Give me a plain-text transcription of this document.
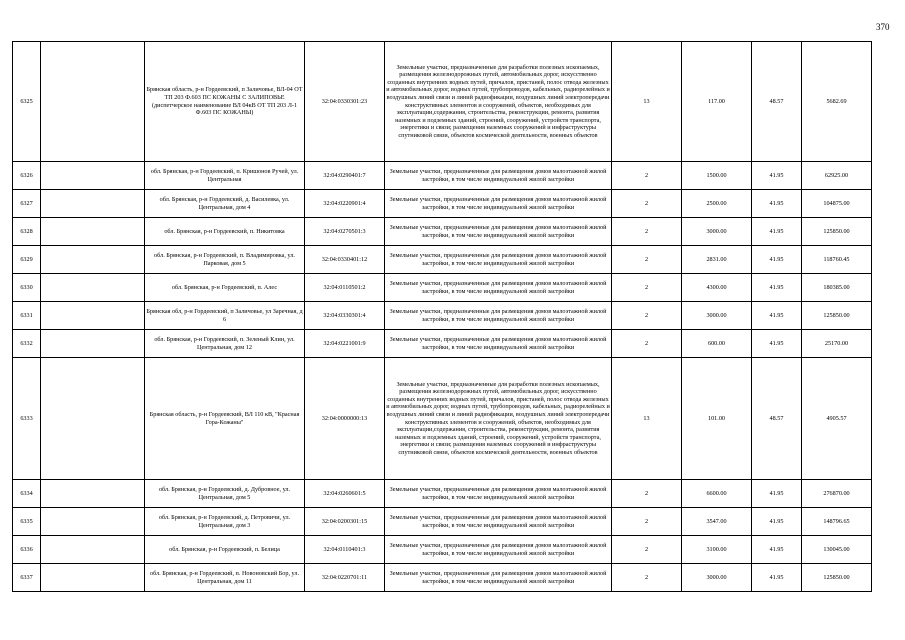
370
6325		Брянская область, р-н Гордеевский, п Заличовье, ВЛ-04 ОТ ТП 203 Ф.603 ПС КОЖАНЫ С ЗАЛИПОВЬЕ (диспетчерское наименование ВЛ 04кВ ОТ ТП 203 Л-1 Ф.603 ПС КОЖАНЫ)	32:04:0330301:23	Земельные участки, предназначенные для разработки полезных ископаемых, размещения железнодорожных путей, автомобильных дорог, искусственно созданных внутренних водных путей, причалов, пристаней, полос отвода железных и автомобильных дорог, водных путей, трубопроводов, кабельных, радиорелейных и воздушных линий связи и линий радиофикации, воздушных линий электропередачи конструктивных элементов и сооружений, объектов, необходимых для эксплуатации,содержания, строительства, реконструкции, ремонта, развития наземных и подземных зданий, строений, сооружений, устройств транспорта, энергетики и связи; размещения наземных сооружений и инфраструктуры спутниковой связи, объектов космической деятельности, военных объектов	13	117.00	48.57	5682.69
6326		обл. Брянская, р-н Гордеевский, п. Кришонов Ручей, ул. Центральная	32:04:0290401:7	Земельные участки, предназначенные для размещения домов малоэтажной жилой застройки, в том числе индивидуальной жилой застройки	2	1500.00	41.95	62925.00
6327		обл. Брянская, р-н Гордеевский, д. Василевка, ул. Центральная, дом 4	32:04:0220901:4	Земельные участки, предназначенные для размещения домов малоэтажной жилой застройки, в том числе индивидуальной жилой застройки	2	2500.00	41.95	104875.00
6328		обл. Брянская, р-н Гордеевский, п. Никитовка	32:04:0270501:3	Земельные участки, предназначенные для размещения домов малоэтажной жилой застройки, в том числе индивидуальной жилой застройки	2	3000.00	41.95	125850.00
6329		обл. Брянская, р-н Гордеевский, п. Владимировка, ул. Парковая, дом 5	32:04:0330401:12	Земельные участки, предназначенные для размещения домов малоэтажной жилой застройки, в том числе индивидуальной жилой застройки	2	2831.00	41.95	118760.45
6330		обл. Брянская, р-н Гордеевский, п. Алес	32:04:0110501:2	Земельные участки, предназначенные для размещения домов малоэтажной жилой застройки, в том числе индивидуальной жилой застройки	2	4300.00	41.95	180385.00
6331		Брянская обл, р-н Гордеевский, п Заличовье, ул Заречная, д 6	32:04:0330301:4	Земельные участки, предназначенные для размещения домов малоэтажной жилой застройки, в том числе индивидуальной жилой застройки	2	3000.00	41.95	125850.00
6332		обл. Брянская, р-н Гордеевский, п. Зеленый Клин, ул. Центральная, дом 12	32:04:0221001:9	Земельные участки, предназначенные для размещения домов малоэтажной жилой застройки, в том числе индивидуальной жилой застройки	2	600.00	41.95	25170.00
6333		Брянская область, р-н Гордеевский, ВЛ 110 кВ, "Красная Гора-Кожаны"	32:04:0000000:13	Земельные участки, предназначенные для разработки полезных ископаемых, размещения железнодорожных путей, автомобильных дорог, искусственно созданных внутренних водных путей, причалов, пристаней, полос отвода железных и автомобильных дорог, водных путей, трубопроводов, кабельных, радиорелейных и воздушных линий связи и линий радиофикации, воздушных линий электропередачи конструктивных элементов и сооружений, объектов, необходимых для эксплуатации,содержания, строительства, реконструкции, ремонта, развития наземных и подземных зданий, строений, сооружений, устройств транспорта, энергетики и связи; размещения наземных сооружений и инфраструктуры спутниковой связи, объектов космической деятельности, военных объектов	13	101.00	48.57	4905.57
6334		обл. Брянская, р-н Гордеевский, д. Дубровное, ул. Центральная, дом 5	32:04:0260601:5	Земельные участки, предназначенные для размещения домов малоэтажной жилой застройки, в том числе индивидуальной жилой застройки	2	6600.00	41.95	276870.00
6335		обл. Брянская, р-н Гордеевский, д. Петровичи, ул. Центральная, дом 3	32:04:0200301:15	Земельные участки, предназначенные для размещения домов малоэтажной жилой застройки, в том числе индивидуальной жилой застройки	2	3547.00	41.95	148796.65
6336		обл. Брянская, р-н Гордеевский, п. Белица	32:04:0110401:3	Земельные участки, предназначенные для размещения домов малоэтажной жилой застройки, в том числе индивидуальной жилой застройки	2	3100.00	41.95	130045.00
6337		обл. Брянская, р-н Гордеевский, п. Новоновский Бор, ул. Центральная, дом 11	32:04:0220701:11	Земельные участки, предназначенные для размещения домов малоэтажной жилой застройки, в том числе индивидуальной жилой застройки	2	3000.00	41.95	125850.00
